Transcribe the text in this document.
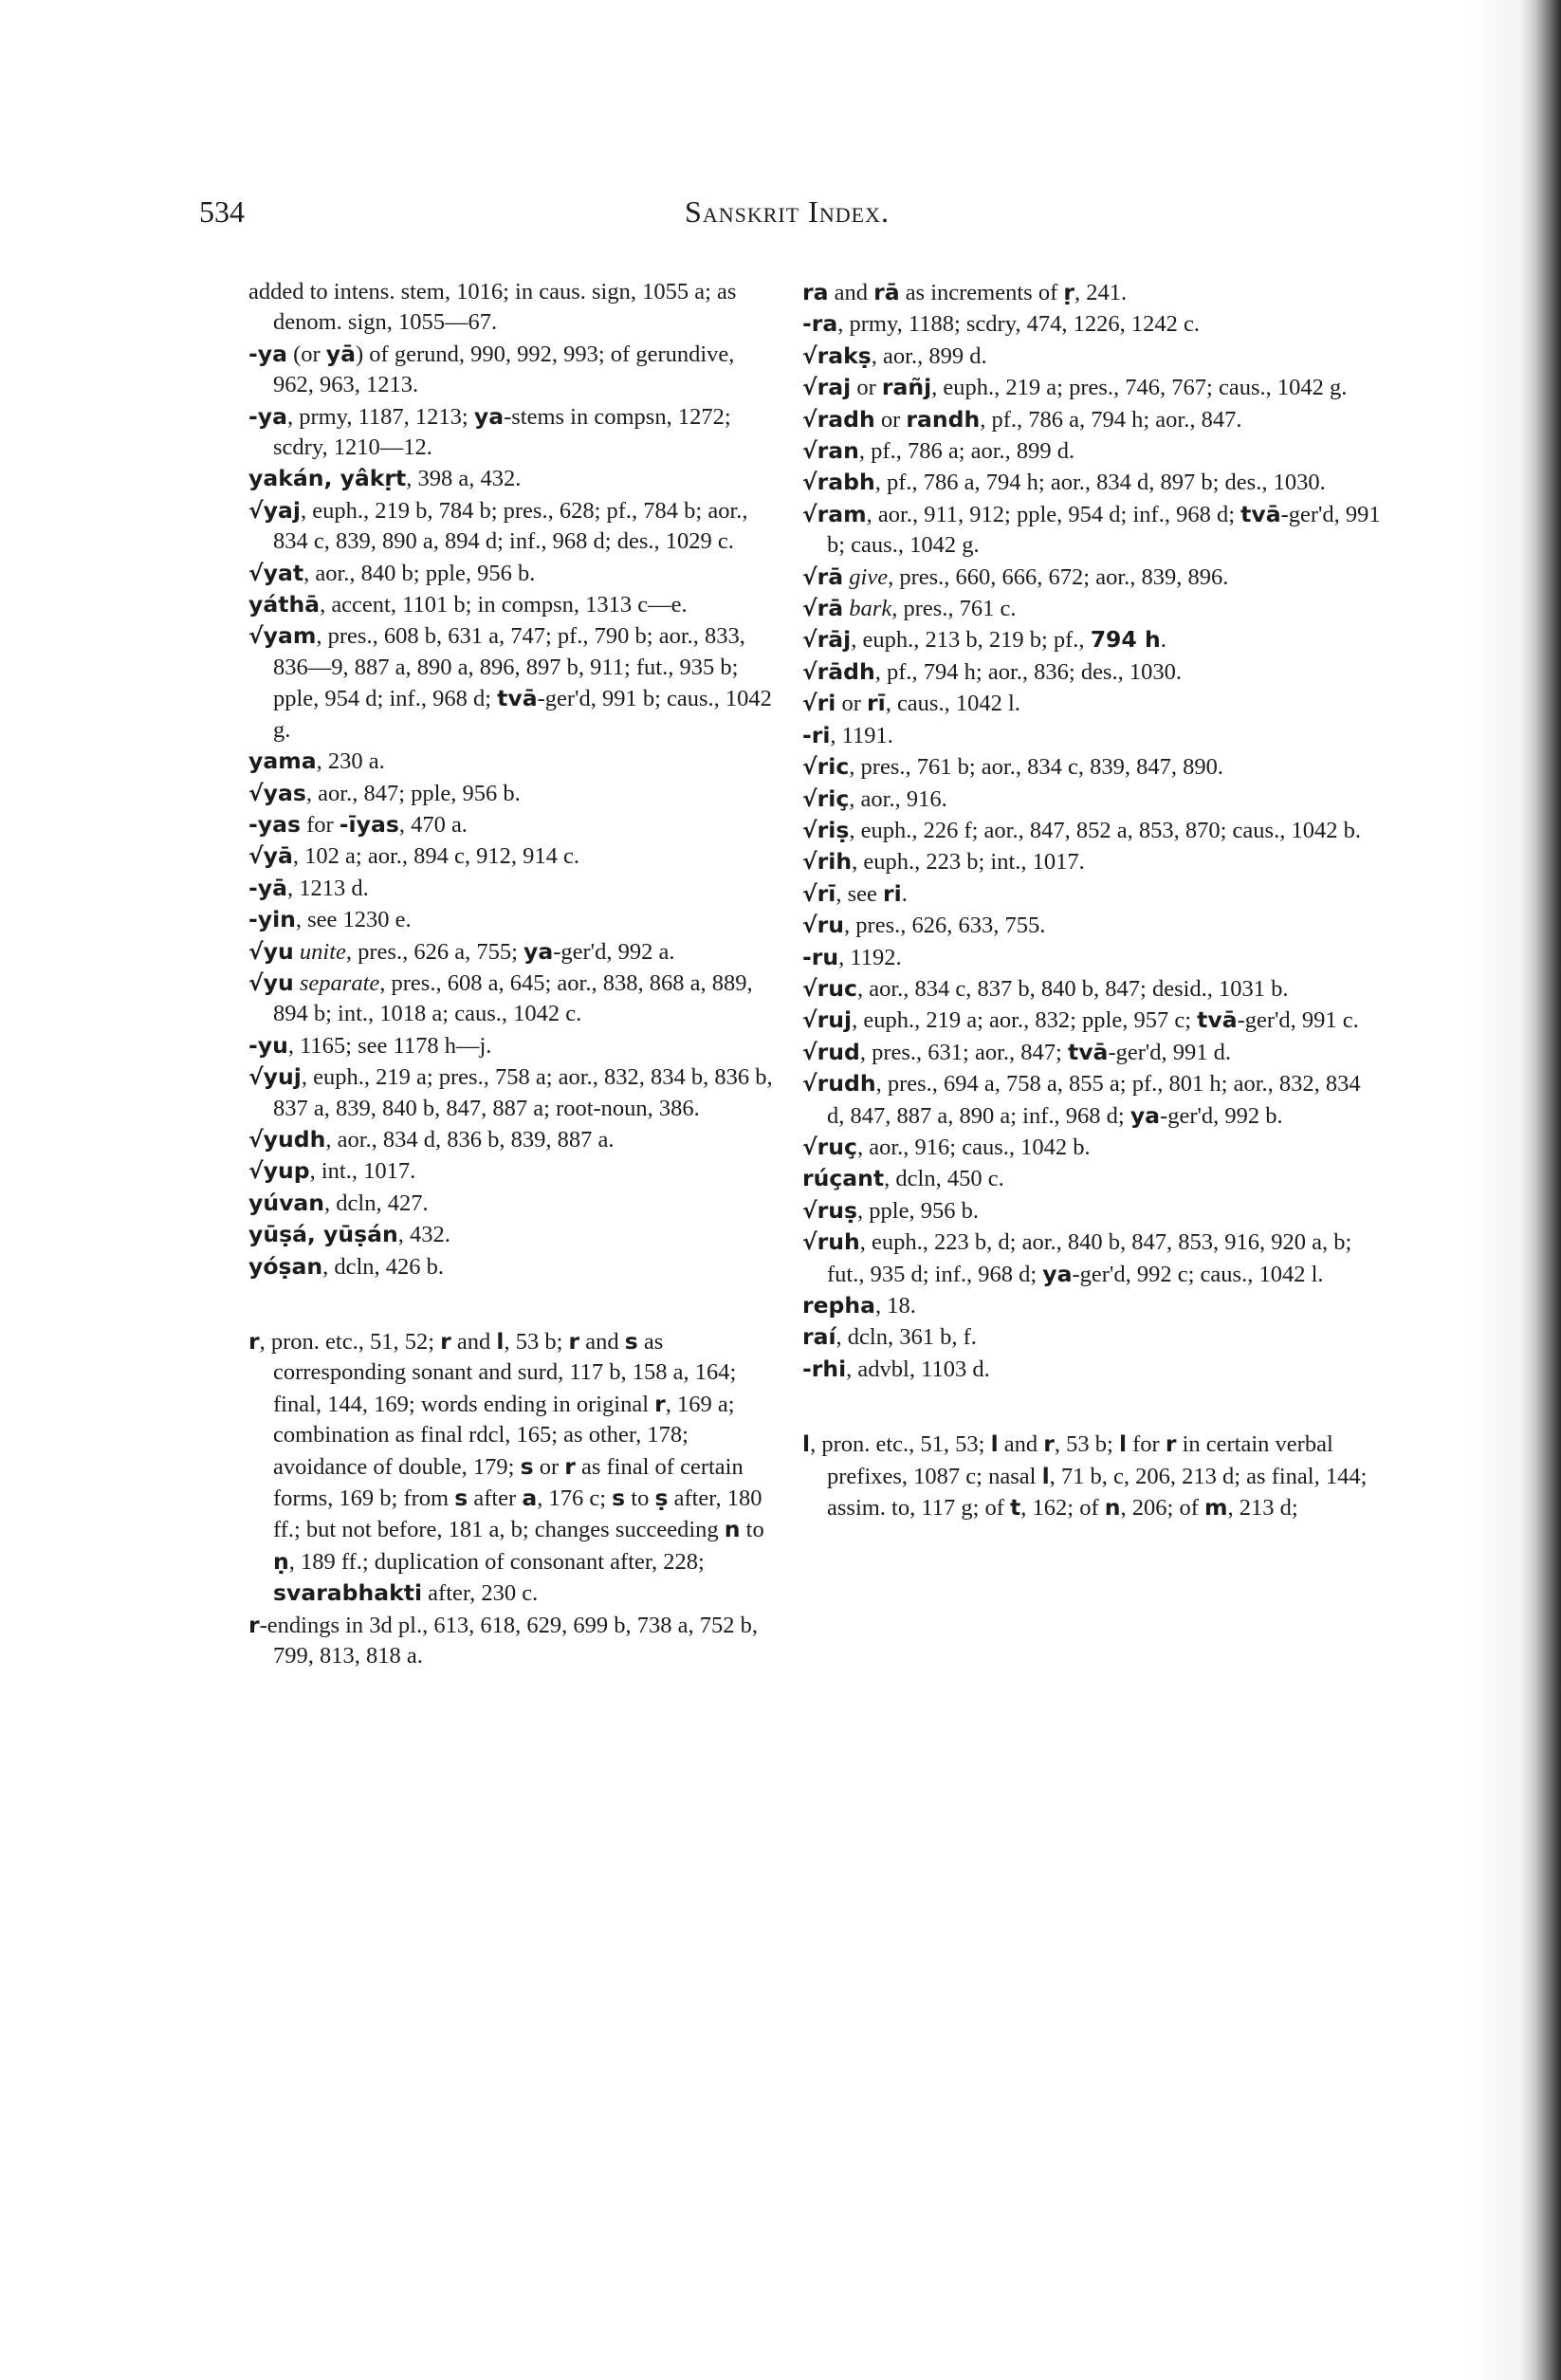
534	Sanskrit Index.
added to intens. stem, 1016; in caus. sign, 1055 a; as denom. sign, 1055—67.
-ya (or yā) of gerund, 990, 992, 993; of gerundive, 962, 963, 1213.
-ya, prmy, 1187, 1213; ya-stems in compsn, 1272; scdry, 1210—12.
yakán, yâkṛt, 398 a, 432.
√yaj, euph., 219 b, 784 b; pres., 628; pf., 784 b; aor., 834 c, 839, 890 a, 894 d; inf., 968 d; des., 1029 c.
√yat, aor., 840 b; pple, 956 b.
yáthā, accent, 1101 b; in compsn, 1313 c—e.
√yam, pres., 608 b, 631 a, 747; pf., 790 b; aor., 833, 836—9, 887 a, 890 a, 896, 897 b, 911; fut., 935 b; pple, 954 d; inf., 968 d; tvā-ger'd, 991 b; caus., 1042 g.
yama, 230 a.
√yas, aor., 847; pple, 956 b.
-yas for -īyas, 470 a.
√yā, 102 a; aor., 894 c, 912, 914 c.
-yā, 1213 d.
-yin, see 1230 e.
√yu unite, pres., 626 a, 755; ya-ger'd, 992 a.
√yu separate, pres., 608 a, 645; aor., 838, 868 a, 889, 894 b; int., 1018 a; caus., 1042 c.
-yu, 1165; see 1178 h—j.
√yuj, euph., 219 a; pres., 758 a; aor., 832, 834 b, 836 b, 837 a, 839, 840 b, 847, 887 a; root-noun, 386.
√yudh, aor., 834 d, 836 b, 839, 887 a.
√yup, int., 1017.
yúvan, dcln, 427.
yūṣá, yūṣán, 432.
yóṣan, dcln, 426 b.
r, pron. etc., 51, 52; r and l, 53 b; r and s as corresponding sonant and surd, 117 b, 158 a, 164; final, 144, 169; words ending in original r, 169 a; combination as final rdcl, 165; as other, 178; avoidance of double, 179; s or r as final of certain forms, 169 b; from s after a, 176 c; s to ṣ after, 180 ff.; but not before, 181 a, b; changes succeeding n to ṇ, 189 ff.; duplication of consonant after, 228; svarabhakti after, 230 c.
r-endings in 3d pl., 613, 618, 629, 699 b, 738 a, 752 b, 799, 813, 818 a.
ra and rā as increments of ṛ, 241.
-ra, prmy, 1188; scdry, 474, 1226, 1242 c.
√rakṣ, aor., 899 d.
√raj or rañj, euph., 219 a; pres., 746, 767; caus., 1042 g.
√radh or randh, pf., 786 a, 794 h; aor., 847.
√ran, pf., 786 a; aor., 899 d.
√rabh, pf., 786 a, 794 h; aor., 834 d, 897 b; des., 1030.
√ram, aor., 911, 912; pple, 954 d; inf., 968 d; tvā-ger'd, 991 b; caus., 1042 g.
√rā give, pres., 660, 666, 672; aor., 839, 896.
√rā bark, pres., 761 c.
√rāj, euph., 213 b, 219 b; pf., 794 h.
√rādh, pf., 794 h; aor., 836; des., 1030.
√ri or rī, caus., 1042 l.
-ri, 1191.
√ric, pres., 761 b; aor., 834 c, 839, 847, 890.
√riç, aor., 916.
√riṣ, euph., 226 f; aor., 847, 852 a, 853, 870; caus., 1042 b.
√rih, euph., 223 b; int., 1017.
√rī, see ri.
√ru, pres., 626, 633, 755.
-ru, 1192.
√ruc, aor., 834 c, 837 b, 840 b, 847; desid., 1031 b.
√ruj, euph., 219 a; aor., 832; pple, 957 c; tvā-ger'd, 991 c.
√rud, pres., 631; aor., 847; tvā-ger'd, 991 d.
√rudh, pres., 694 a, 758 a, 855 a; pf., 801 h; aor., 832, 834 d, 847, 887 a, 890 a; inf., 968 d; ya-ger'd, 992 b.
√ruç, aor., 916; caus., 1042 b.
rúçant, dcln, 450 c.
√ruṣ, pple, 956 b.
√ruh, euph., 223 b, d; aor., 840 b, 847, 853, 916, 920 a, b; fut., 935 d; inf., 968 d; ya-ger'd, 992 c; caus., 1042 l.
repha, 18.
raí, dcln, 361 b, f.
-rhi, advbl, 1103 d.
l, pron. etc., 51, 53; l and r, 53 b; l for r in certain verbal prefixes, 1087 c; nasal l, 71 b, c, 206, 213 d; as final, 144; assim. to, 117 g; of t, 162; of n, 206; of m, 213 d;
